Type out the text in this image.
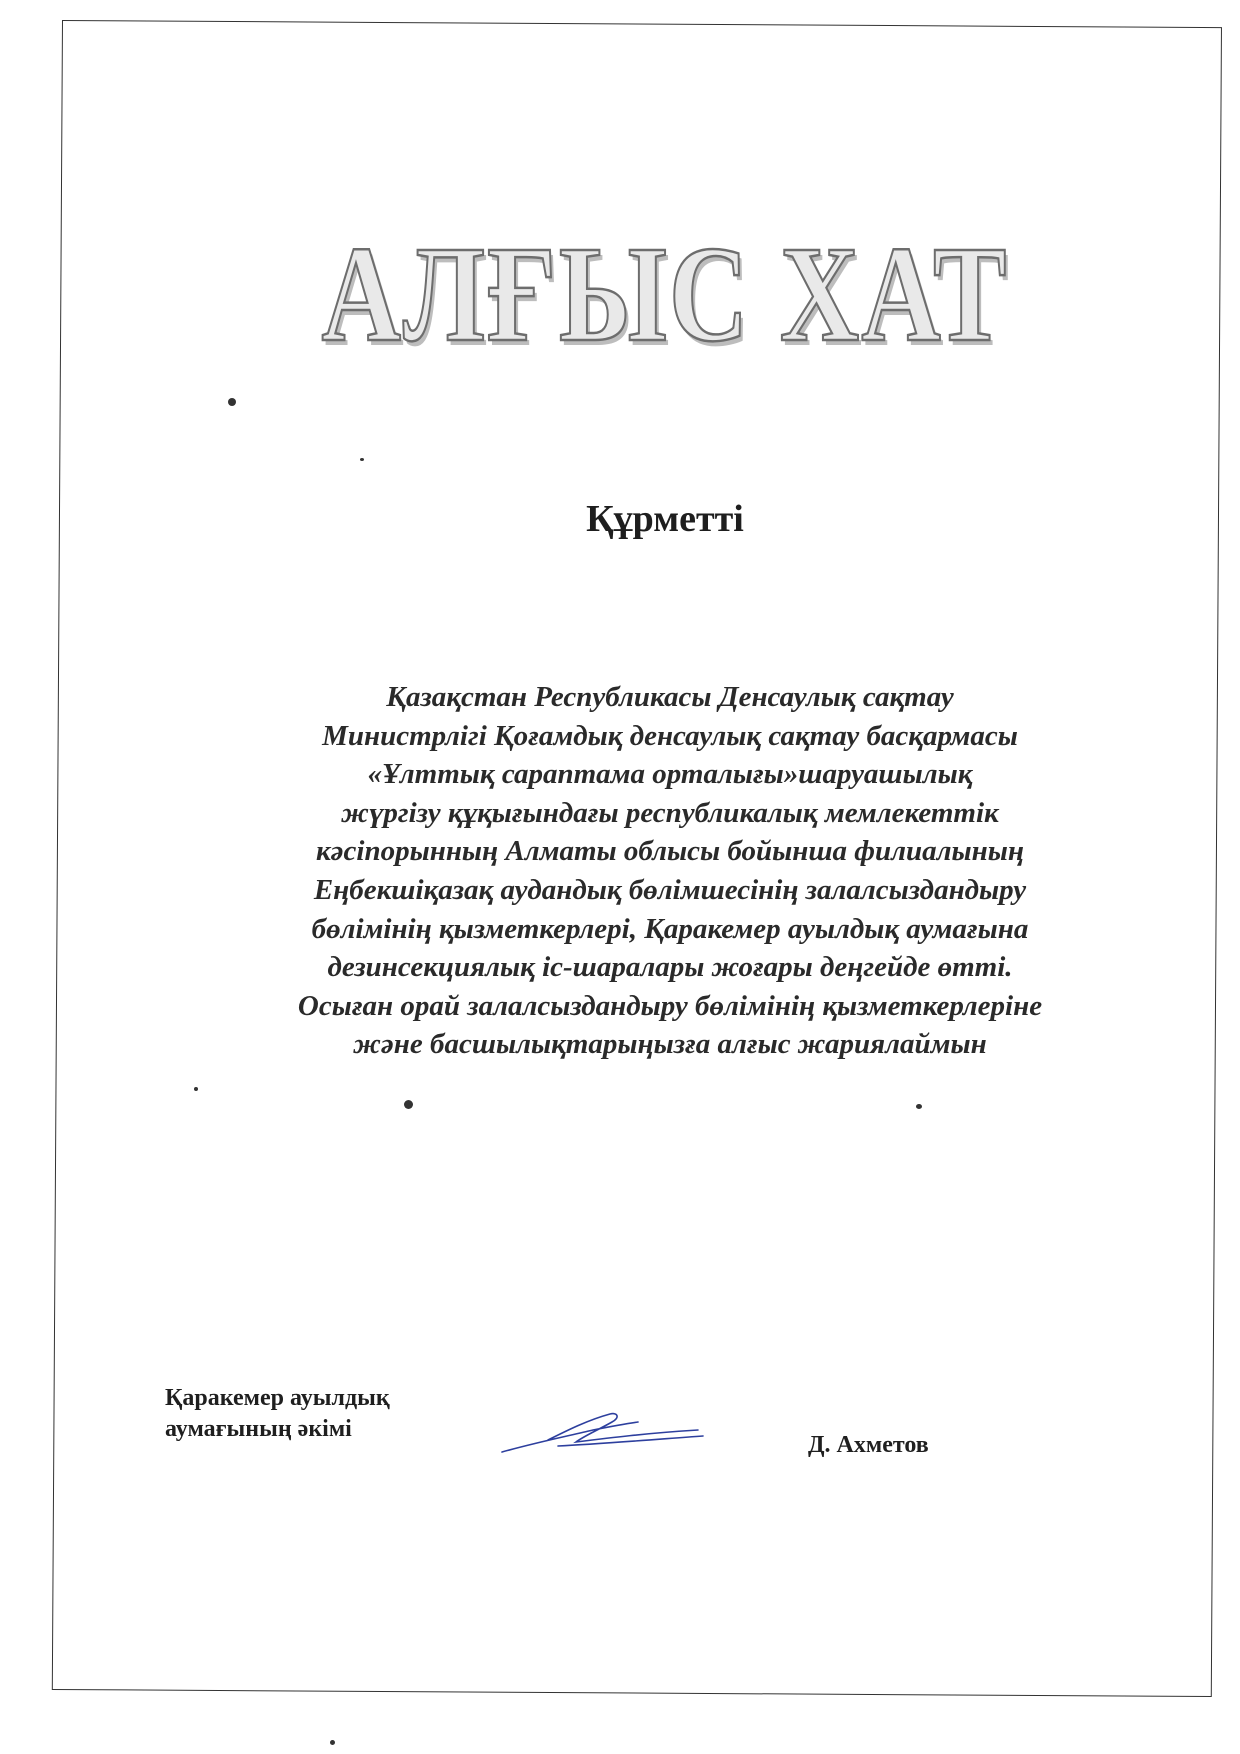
АЛҒЫС ХАТ
Құрметті
Қазақстан Республикасы Денсаулық сақтау
Министрлігі Қоғамдық денсаулық сақтау басқармасы
«Ұлттық сараптама орталығы»шаруашылық
жүргізу құқығындағы республикалық мемлекеттік
кәсіпорынның Алматы облысы бойынша филиалының
Еңбекшіқазақ аудандық бөлімшесінің залалсыздандыру
бөлімінің қызметкерлері, Қаракемер ауылдық аумағына
дезинсекциялық іс-шаралары жоғары деңгейде өтті.
Осыған орай залалсыздандыру бөлімінің қызметкерлеріне
және басшылықтарыңызға алғыс жариялаймын
Қаракемер ауылдық
аумағының әкімі
Д. Ахметов
